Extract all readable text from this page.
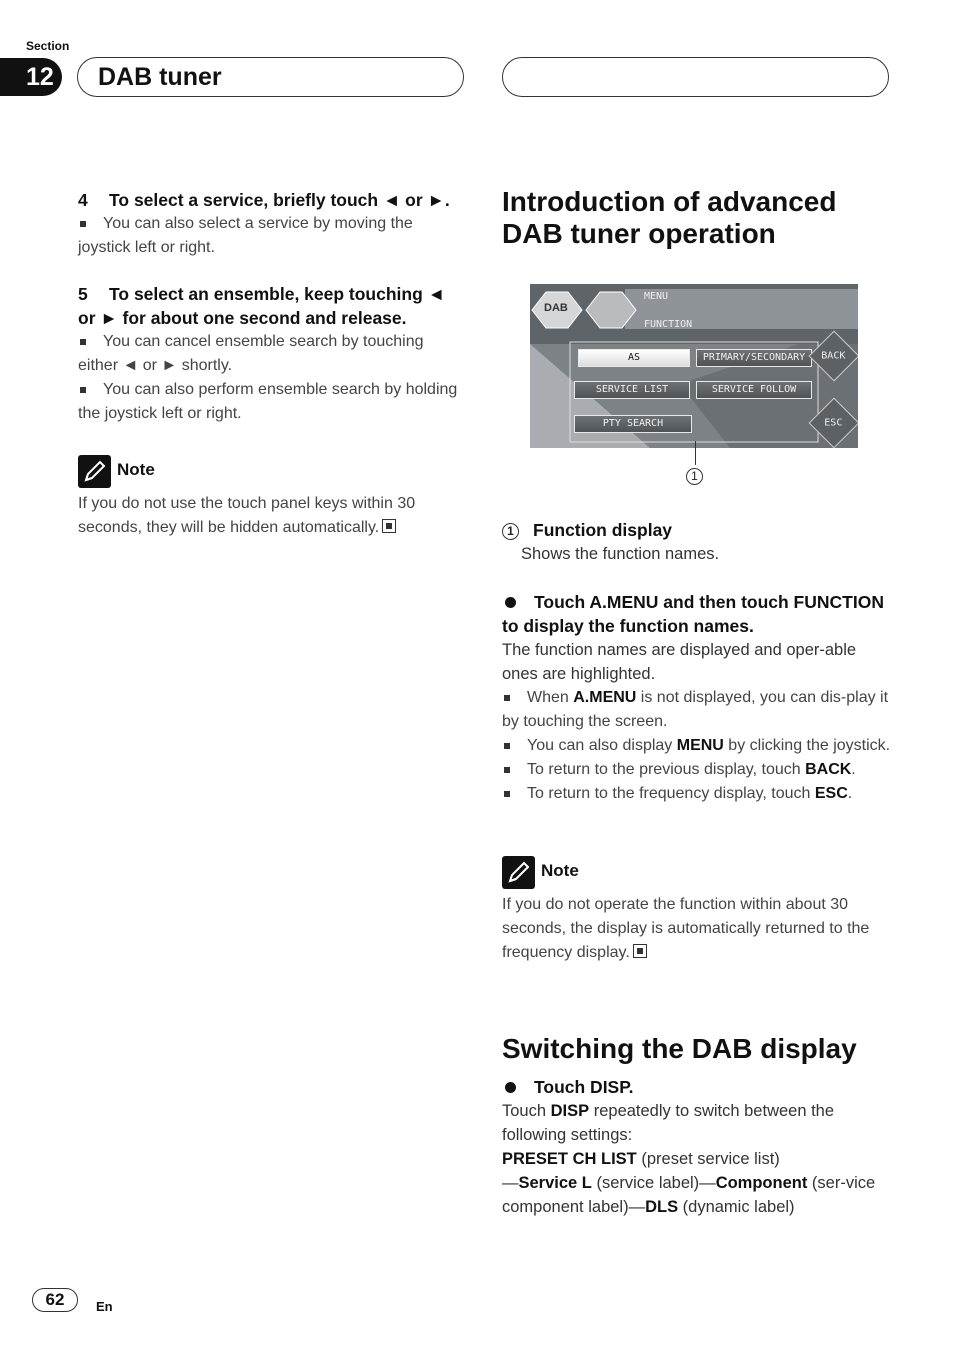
Section
12	DAB tuner
4 To select a service, briefly touch ◄ or ►.
You can also select a service by moving the joystick left or right.
5 To select an ensemble, keep touching ◄ or ► for about one second and release.
You can cancel ensemble search by touching either ◄ or ► shortly.
You can also perform ensemble search by holding the joystick left or right.
Note
If you do not use the touch panel keys within 30 seconds, they will be hidden automatically.
Introduction of advanced DAB tuner operation
DAB
MENU
FUNCTION
AS	PRIMARY/SECONDARY
SERVICE LIST	SERVICE FOLLOW
PTY SEARCH
BACK
ESC
1
1 Function display
Shows the function names.
Touch A.MENU and then touch FUNCTION to display the function names.
The function names are displayed and oper-able ones are highlighted.
When A.MENU is not displayed, you can dis-play it by touching the screen.
You can also display MENU by clicking the joystick.
To return to the previous display, touch BACK.
To return to the frequency display, touch ESC.
Note
If you do not operate the function within about 30 seconds, the display is automatically returned to the frequency display.
Switching the DAB display
Touch DISP.
Touch DISP repeatedly to switch between the following settings:
PRESET CH LIST (preset service list)
—Service L (service label)—Component (ser-vice component label)—DLS (dynamic label)
62	En
